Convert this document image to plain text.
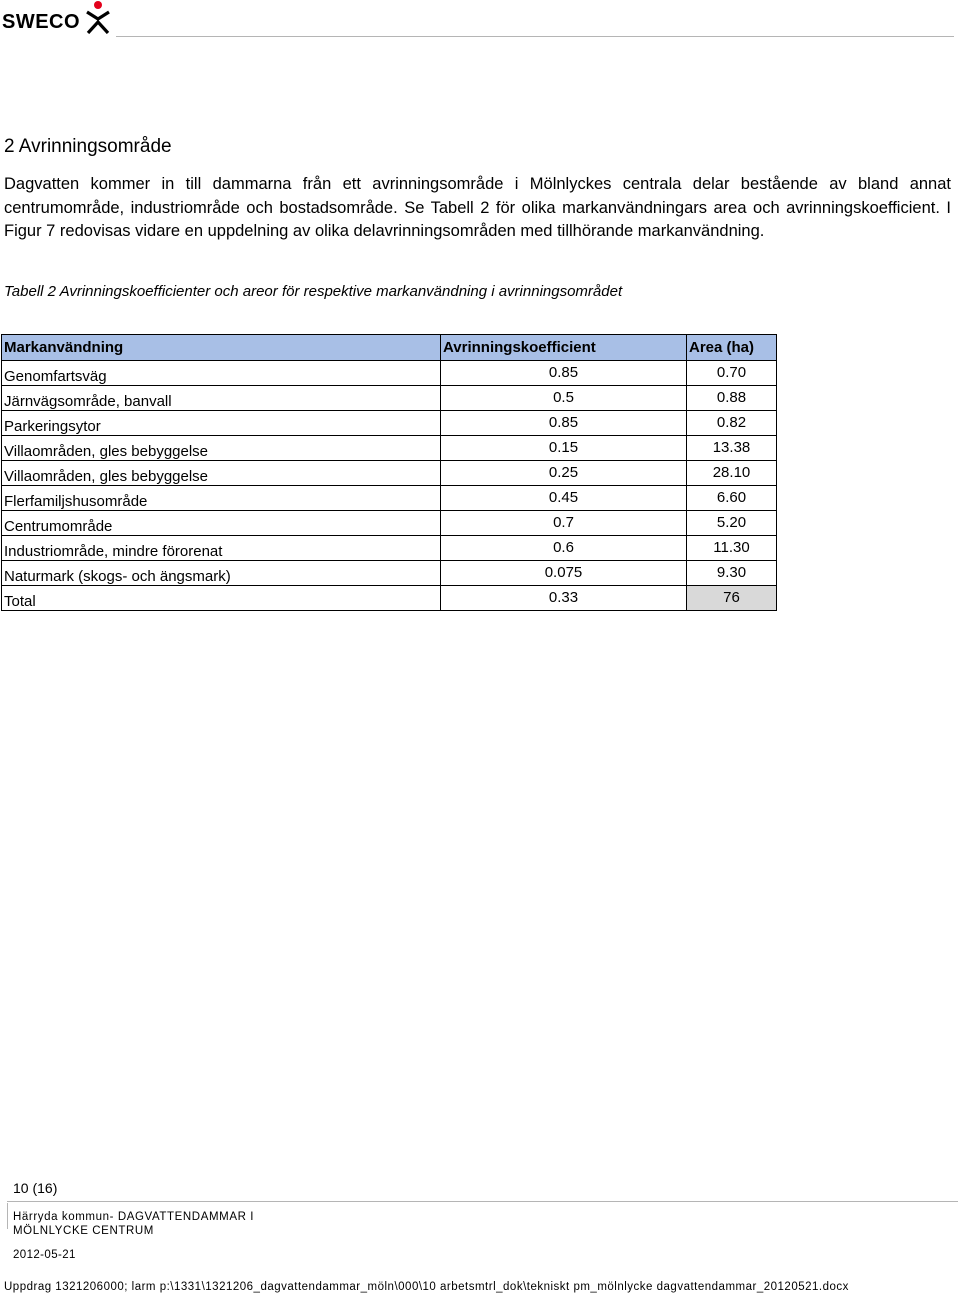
SWECO
2 Avrinningsområde

Dagvatten kommer in till dammarna från ett avrinningsområde i Mölnlyckes centrala delar bestående av bland annat centrumområde, industriområde och bostadsområde. Se Tabell 2 för olika markanvändningars area och avrinningskoefficient. I Figur 7 redovisas vidare en uppdelning av olika delavrinningsområden med tillhörande markanvändning.

Tabell 2 Avrinningskoefficienter och areor för respektive markanvändning i avrinningsområdet

Markanvändning	Avrinningskoefficient	Area (ha)
Genomfartsväg	0.85	0.70
Järnvägsområde, banvall	0.5	0.88
Parkeringsytor	0.85	0.82
Villaområden, gles bebyggelse	0.15	13.38
Villaområden, gles bebyggelse	0.25	28.10
Flerfamiljshusområde	0.45	6.60
Centrumområde	0.7	5.20
Industriområde, mindre förorenat	0.6	11.30
Naturmark (skogs- och ängsmark)	0.075	9.30
Total	0.33	76
10 (16)
Härryda kommun- DAGVATTENDAMMAR I MÖLNLYCKE CENTRUM
2012-05-21
Uppdrag 1321206000; larm p:\1331\1321206_dagvattendammar_möln\000\10 arbetsmtrl_dok\tekniskt pm_mölnlycke dagvattendammar_20120521.docx
